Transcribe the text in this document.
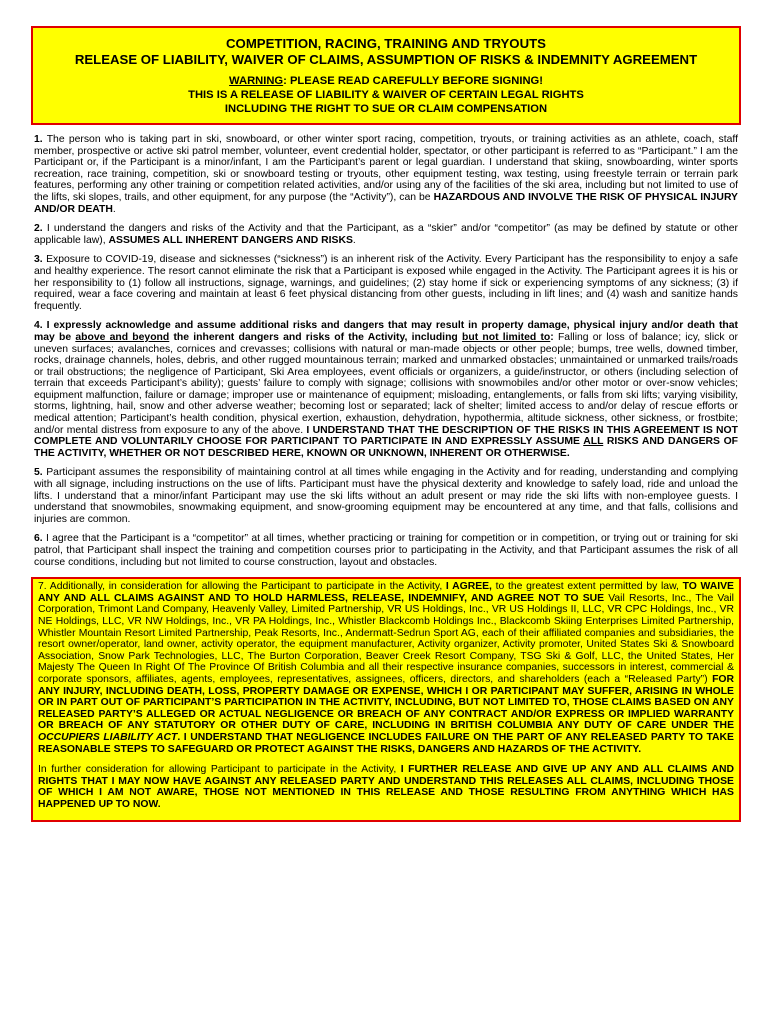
COMPETITION, RACING, TRAINING AND TRYOUTS
RELEASE OF LIABILITY, WAIVER OF CLAIMS, ASSUMPTION OF RISKS & INDEMNITY AGREEMENT
WARNING: PLEASE READ CAREFULLY BEFORE SIGNING!
THIS IS A RELEASE OF LIABILITY & WAIVER OF CERTAIN LEGAL RIGHTS
INCLUDING THE RIGHT TO SUE OR CLAIM COMPENSATION

1. The person who is taking part in ski, snowboard, or other winter sport racing, competition, tryouts, or training activities as an athlete, coach, staff member, prospective or active ski patrol member, volunteer, event credential holder, spectator, or other participant is referred to as “Participant.” I am the Participant or, if the Participant is a minor/infant, I am the Participant’s parent or legal guardian. I understand that skiing, snowboarding, winter sports recreation, race training, competition, ski or snowboard testing or tryouts, other equipment testing, wax testing, using freestyle terrain or terrain park features, performing any other training or competition related activities, and/or using any of the facilities of the ski area, including but not limited to use of the lifts, ski slopes, trails, and other equipment, for any purpose (the “Activity”), can be HAZARDOUS AND INVOLVE THE RISK OF PHYSICAL INJURY AND/OR DEATH.

2. I understand the dangers and risks of the Activity and that the Participant, as a “skier” and/or “competitor” (as may be defined by statute or other applicable law), ASSUMES ALL INHERENT DANGERS AND RISKS.

3. Exposure to COVID-19, disease and sicknesses (“sickness”) is an inherent risk of the Activity. Every Participant has the responsibility to enjoy a safe and healthy experience. The resort cannot eliminate the risk that a Participant is exposed while engaged in the Activity. The Participant agrees it is his or her responsibility to (1) follow all instructions, signage, warnings, and guidelines; (2) stay home if sick or experiencing symptoms of any sickness; (3) if required, wear a face covering and maintain at least 6 feet physical distancing from other guests, including in lift lines; and (4) wash and sanitize hands frequently.

4. I expressly acknowledge and assume additional risks and dangers that may result in property damage, physical injury and/or death that may be above and beyond the inherent dangers and risks of the Activity, including but not limited to: Falling or loss of balance; icy, slick or uneven surfaces; avalanches, cornices and crevasses; collisions with natural or man-made objects or other people; bumps, tree wells, downed timber, rocks, drainage channels, holes, debris, and other rugged mountainous terrain; marked and unmarked obstacles; unmaintained or unmarked trails/roads or trail obstructions; the negligence of Participant, Ski Area employees, event officials or organizers, a guide/instructor, or others (including selection of terrain that exceeds Participant’s ability); guests’ failure to comply with signage; collisions with snowmobiles and/or other motor or over-snow vehicles; equipment malfunction, failure or damage; improper use or maintenance of equipment; misloading, entanglements, or falls from ski lifts; varying visibility, storms, lightning, hail, snow and other adverse weather; becoming lost or separated; lack of shelter; limited access to and/or delay of rescue efforts or medical attention; Participant’s health condition, physical exertion, exhaustion, dehydration, hypothermia, altitude sickness, other sickness, or frostbite; and/or mental distress from exposure to any of the above. I UNDERSTAND THAT THE DESCRIPTION OF THE RISKS IN THIS AGREEMENT IS NOT COMPLETE AND VOLUNTARILY CHOOSE FOR PARTICIPANT TO PARTICIPATE IN AND EXPRESSLY ASSUME ALL RISKS AND DANGERS OF THE ACTIVITY, WHETHER OR NOT DESCRIBED HERE, KNOWN OR UNKNOWN, INHERENT OR OTHERWISE.

5. Participant assumes the responsibility of maintaining control at all times while engaging in the Activity and for reading, understanding and complying with all signage, including instructions on the use of lifts. Participant must have the physical dexterity and knowledge to safely load, ride and unload the lifts. I understand that a minor/infant Participant may use the ski lifts without an adult present or may ride the ski lifts with non-employee guests. I understand that snowmobiles, snowmaking equipment, and snow-grooming equipment may be encountered at any time, and that falls, collisions and injuries are common.

6. I agree that the Participant is a “competitor” at all times, whether practicing or training for competition or in competition, or trying out or training for ski patrol, that Participant shall inspect the training and competition courses prior to participating in the Activity, and that Participant assumes the risk of all course conditions, including but not limited to course construction, layout and obstacles.

7. Additionally, in consideration for allowing the Participant to participate in the Activity, I AGREE, to the greatest extent permitted by law, TO WAIVE ANY AND ALL CLAIMS AGAINST AND TO HOLD HARMLESS, RELEASE, INDEMNIFY, AND AGREE NOT TO SUE Vail Resorts, Inc., The Vail Corporation, Trimont Land Company, Heavenly Valley, Limited Partnership, VR US Holdings, Inc., VR US Holdings II, LLC, VR CPC Holdings, Inc., VR NE Holdings, LLC, VR NW Holdings, Inc., VR PA Holdings, Inc., Whistler Blackcomb Holdings Inc., Blackcomb Skiing Enterprises Limited Partnership, Whistler Mountain Resort Limited Partnership, Peak Resorts, Inc., Andermatt-Sedrun Sport AG, each of their affiliated companies and subsidiaries, the resort owner/operator, land owner, activity operator, the equipment manufacturer, Activity organizer, Activity promoter, United States Ski & Snowboard Association, Snow Park Technologies, LLC, The Burton Corporation, Beaver Creek Resort Company, TSG Ski & Golf, LLC, the United States, Her Majesty The Queen In Right Of The Province Of British Columbia and all their respective insurance companies, successors in interest, commercial & corporate sponsors, affiliates, agents, employees, representatives, assignees, officers, directors, and shareholders (each a “Released Party”) FOR ANY INJURY, INCLUDING DEATH, LOSS, PROPERTY DAMAGE OR EXPENSE, WHICH I OR PARTICIPANT MAY SUFFER, ARISING IN WHOLE OR IN PART OUT OF PARTICIPANT’S PARTICIPATION IN THE ACTIVITY, INCLUDING, BUT NOT LIMITED TO, THOSE CLAIMS BASED ON ANY RELEASED PARTY’S ALLEGED OR ACTUAL NEGLIGENCE OR BREACH OF ANY CONTRACT AND/OR EXPRESS OR IMPLIED WARRANTY OR BREACH OF ANY STATUTORY OR OTHER DUTY OF CARE, INCLUDING IN BRITISH COLUMBIA ANY DUTY OF CARE UNDER THE OCCUPIERS LIABILITY ACT. I UNDERSTAND THAT NEGLIGENCE INCLUDES FAILURE ON THE PART OF ANY RELEASED PARTY TO TAKE REASONABLE STEPS TO SAFEGUARD OR PROTECT AGAINST THE RISKS, DANGERS AND HAZARDS OF THE ACTIVITY.

In further consideration for allowing Participant to participate in the Activity, I FURTHER RELEASE AND GIVE UP ANY AND ALL CLAIMS AND RIGHTS THAT I MAY NOW HAVE AGAINST ANY RELEASED PARTY AND UNDERSTAND THIS RELEASES ALL CLAIMS, INCLUDING THOSE OF WHICH I AM NOT AWARE, THOSE NOT MENTIONED IN THIS RELEASE AND THOSE RESULTING FROM ANYTHING WHICH HAS HAPPENED UP TO NOW.
